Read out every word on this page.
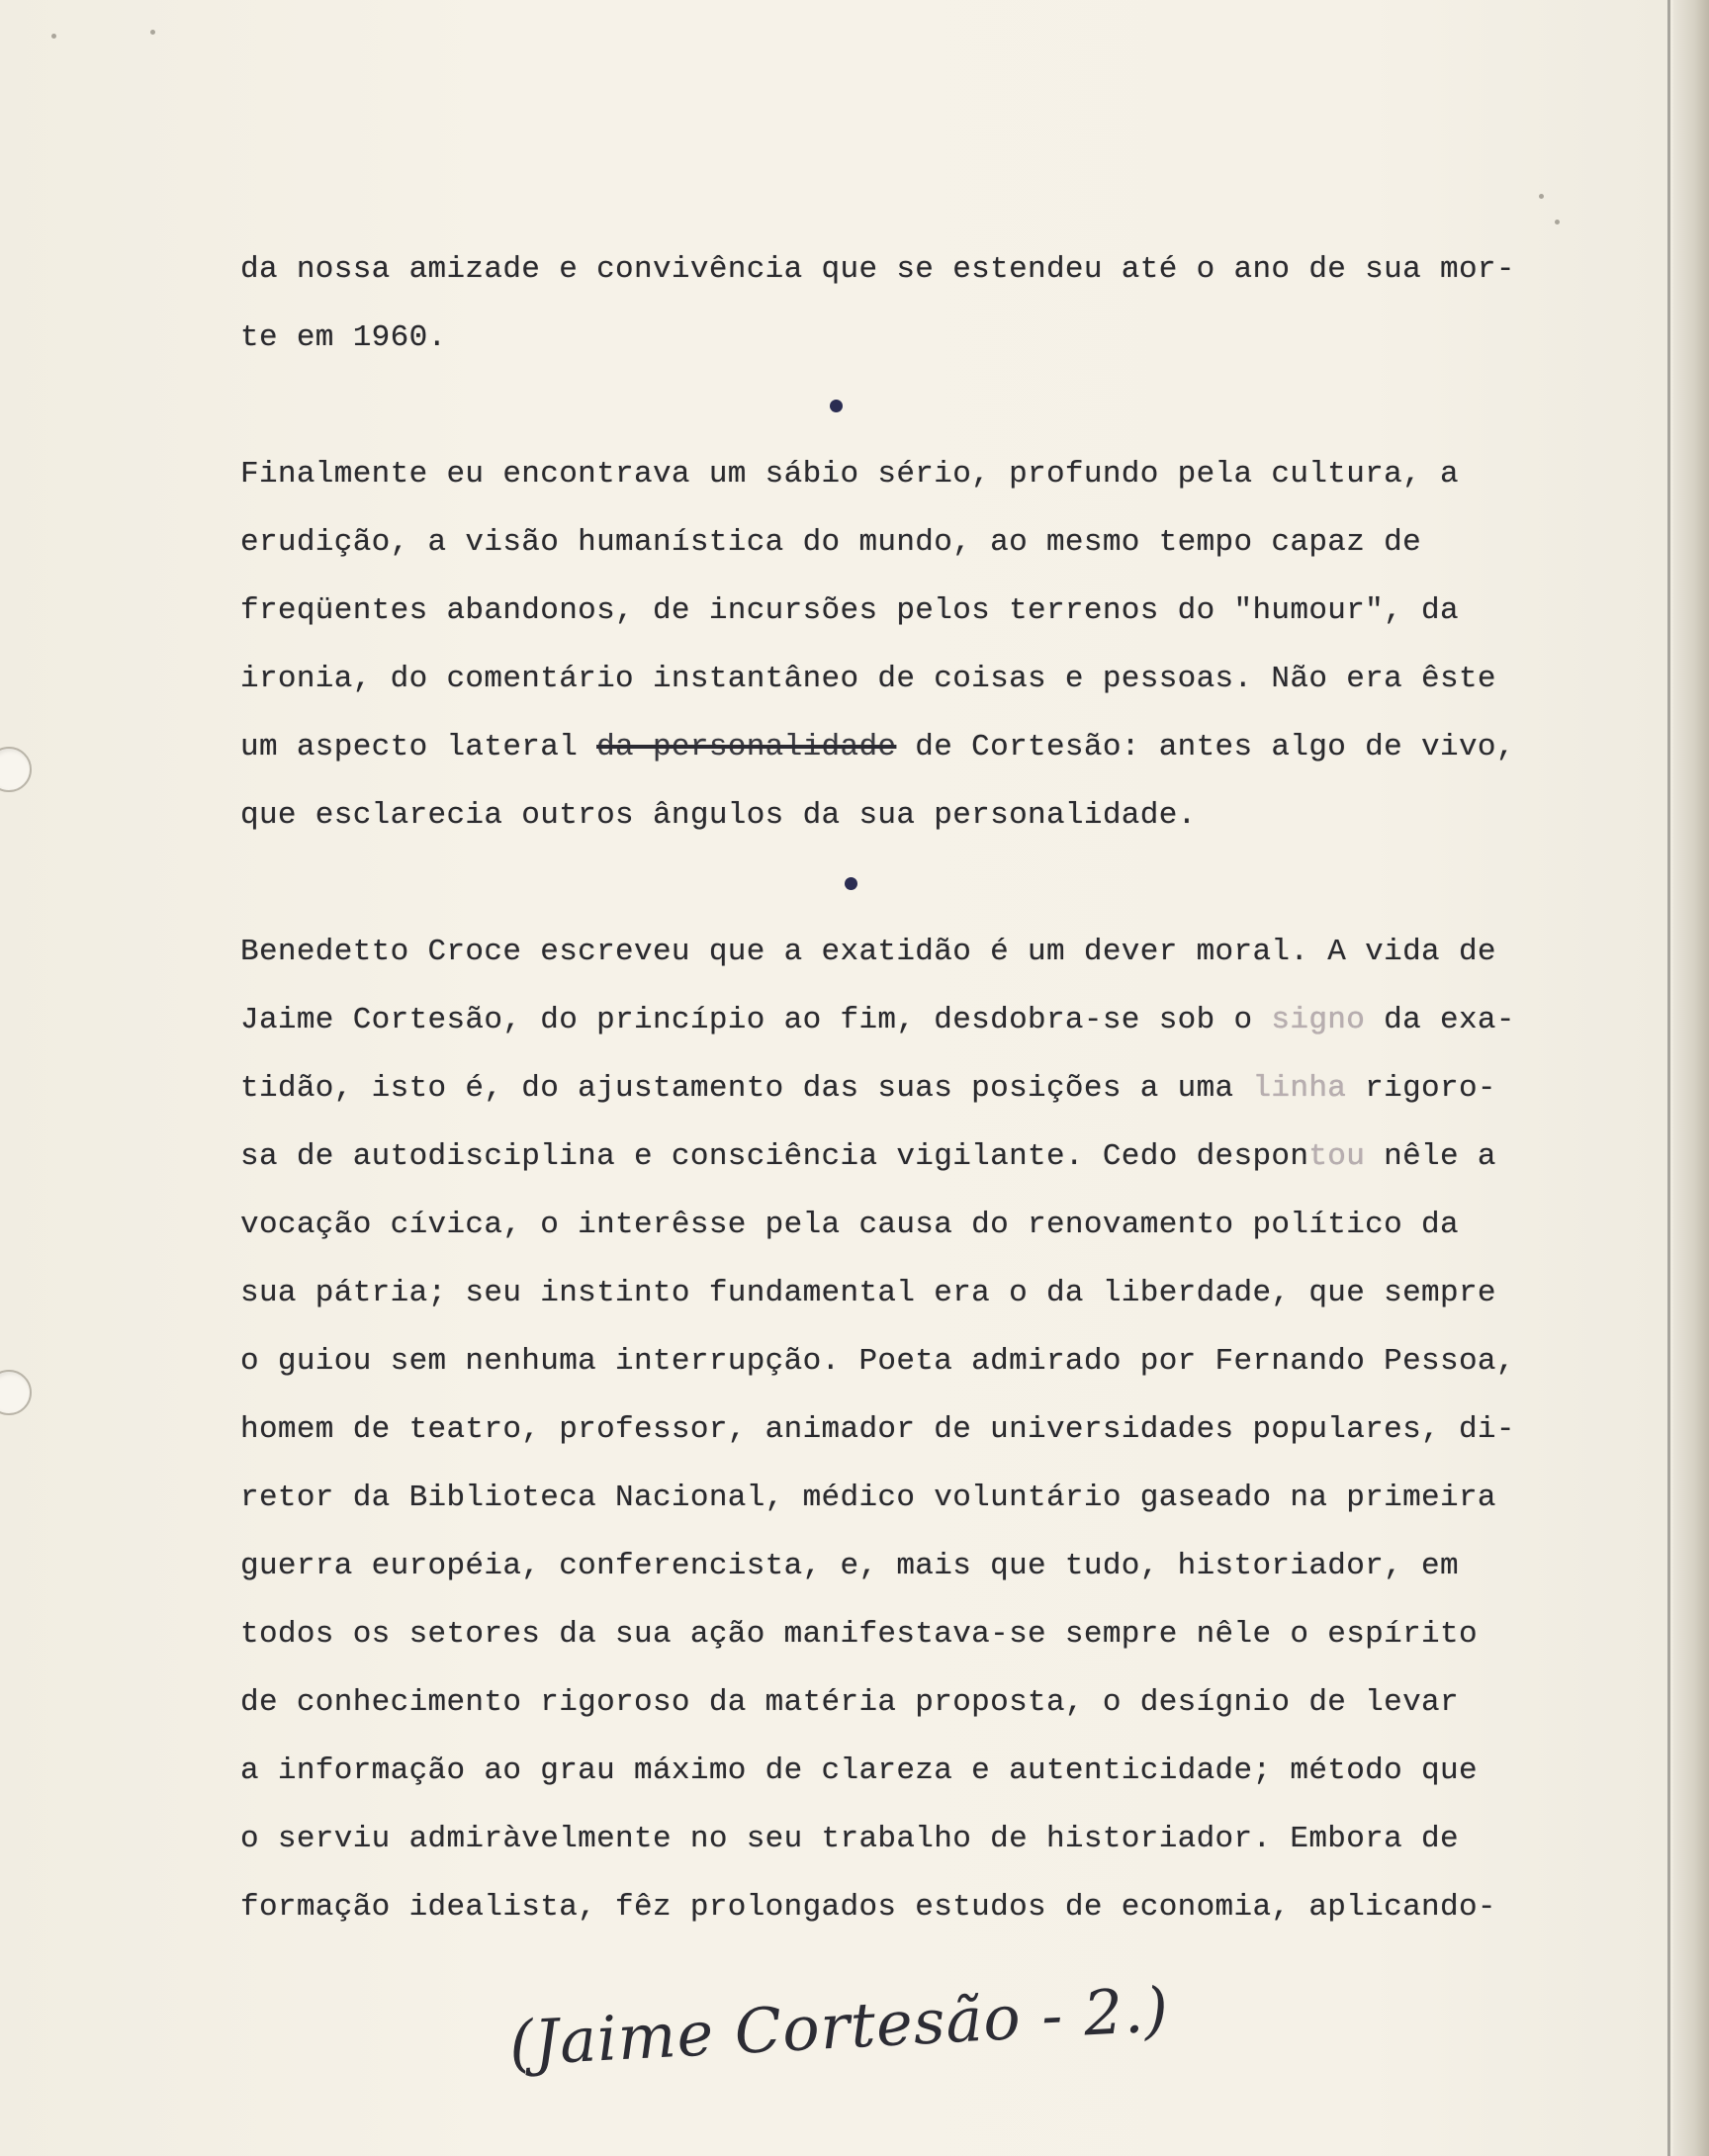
da nossa amizade e convivência que se estendeu até o ano de sua mor-
te em 1960.
Finalmente eu encontrava um sábio sério, profundo pela cultura, a
erudição, a visão humanística do mundo, ao mesmo tempo capaz de
freqüentes abandonos, de incursões pelos terrenos do "humour", da
ironia, do comentário instantâneo de coisas e pessoas. Não era êste
um aspecto lateral da personalidade de Cortesão: antes algo de vivo,
que esclarecia outros ângulos da sua personalidade.
Benedetto Croce escreveu que a exatidão é um dever moral. A vida de
Jaime Cortesão, do princípio ao fim, desdobra-se sob o signo da exa-
tidão, isto é, do ajustamento das suas posições a uma linha rigoro-
sa de autodisciplina e consciência vigilante. Cedo despontou nêle a
vocação cívica, o interêsse pela causa do renovamento político da
sua pátria; seu instinto fundamental era o da liberdade, que sempre
o guiou sem nenhuma interrupção. Poeta admirado por Fernando Pessoa,
homem de teatro, professor, animador de universidades populares, di-
retor da Biblioteca Nacional, médico voluntário gaseado na primeira
guerra européia, conferencista, e, mais que tudo, historiador, em
todos os setores da sua ação manifestava-se sempre nêle o espírito
de conhecimento rigoroso da matéria proposta, o desígnio de levar
a informação ao grau máximo de clareza e autenticidade; método que
o serviu admiràvelmente no seu trabalho de historiador. Embora de
formação idealista, fêz prolongados estudos de economia, aplicando-
(Jaime Cortesão - 2.)
